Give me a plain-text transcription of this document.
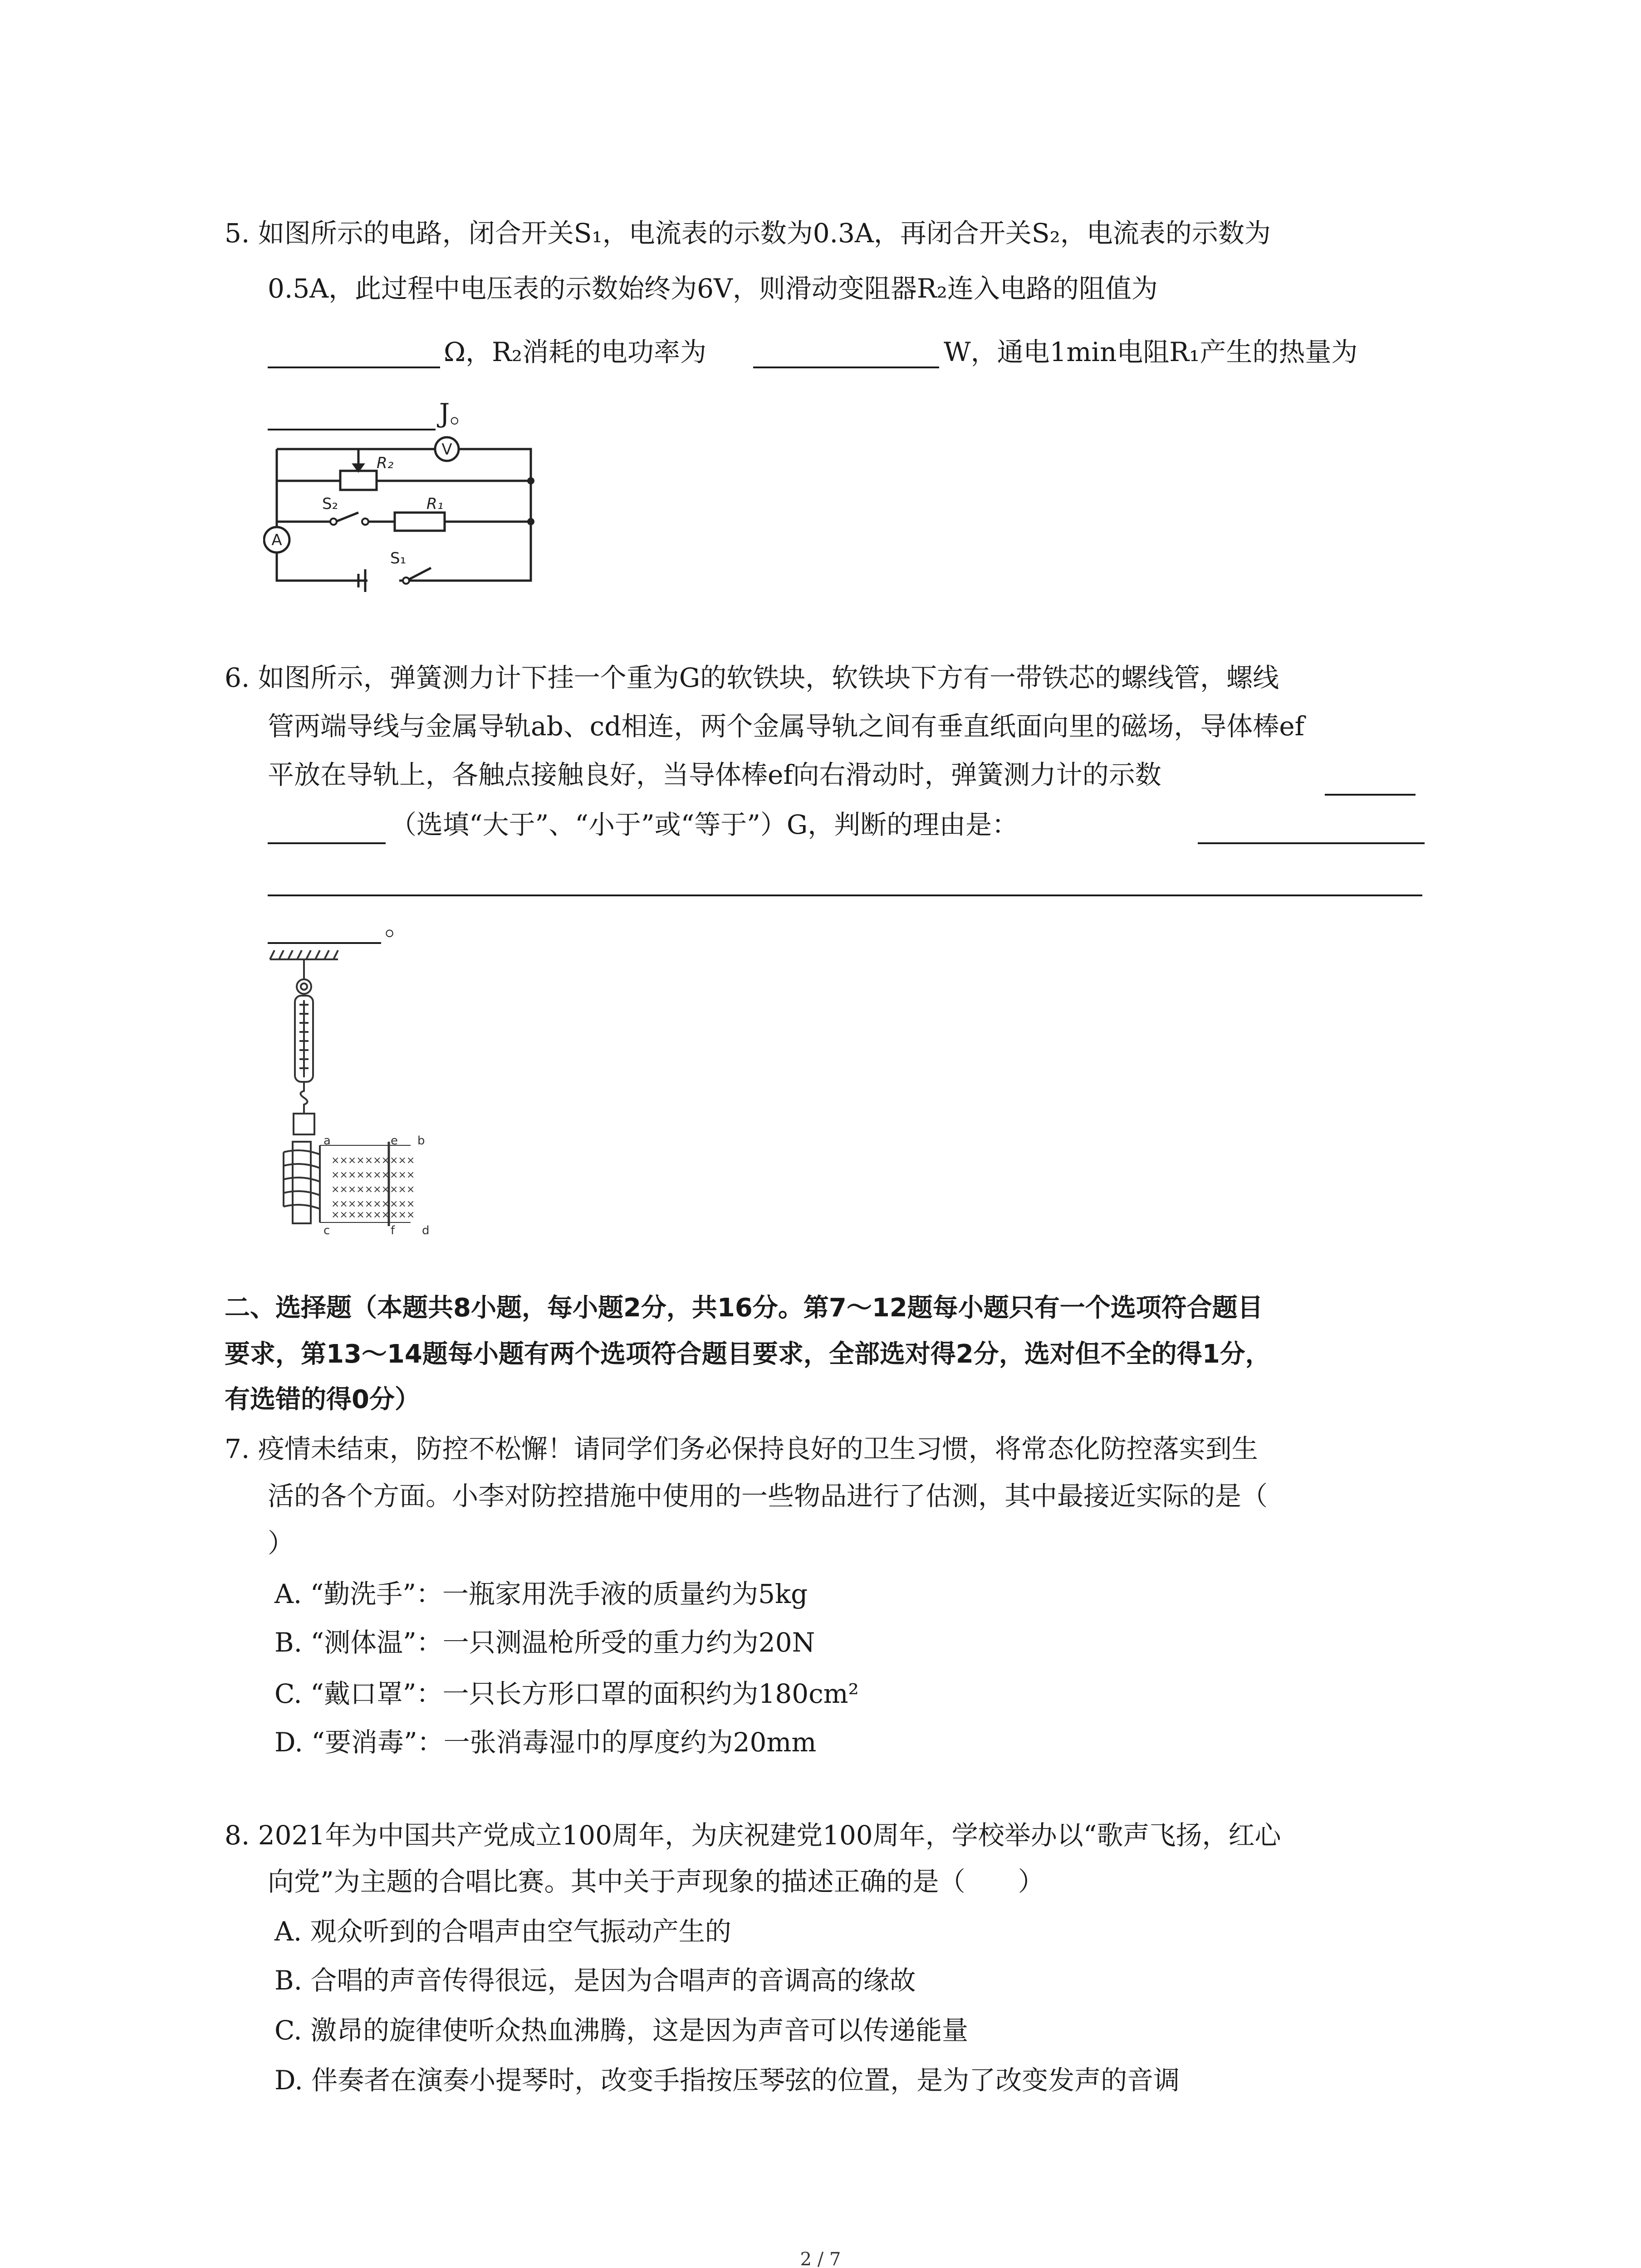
5. 如图所示的电路，闭合开关S₁，电流表的示数为0.3A，再闭合开关S₂，电流表的示数为
0.5A，此过程中电压表的示数始终为6V，则滑动变阻器R₂连入电路的阻值为
Ω，R₂消耗的电功率为	W，通电1min电阻R₁产生的热量为
J。
V
A
R₂
R₁
S₂
S₁
6. 如图所示，弹簧测力计下挂一个重为G的软铁块，软铁块下方有一带铁芯的螺线管，螺线
管两端导线与金属导轨ab、cd相连，两个金属导轨之间有垂直纸面向里的磁场，导体棒ef
平放在导轨上，各触点接触良好，当导体棒ef向右滑动时，弹簧测力计的示数
（选填“大于”、“小于”或“等于”）G，判断的理由是：
。
a	e b
c	f d
××××××××××
××××××××××
××××××××××
××××××××××
××××××××××
二、选择题（本题共8小题，每小题2分，共16分。第7～12题每小题只有一个选项符合题目
要求，第13～14题每小题有两个选项符合题目要求，全部选对得2分，选对但不全的得1分，
有选错的得0分）
7. 疫情未结束，防控不松懈！请同学们务必保持良好的卫生习惯，将常态化防控落实到生
活的各个方面。小李对防控措施中使用的一些物品进行了估测，其中最接近实际的是（
）
A. “勤洗手”：一瓶家用洗手液的质量约为5kg
B. “测体温”：一只测温枪所受的重力约为20N
C. “戴口罩”：一只长方形口罩的面积约为180cm²
D. “要消毒”：一张消毒湿巾的厚度约为20mm
8. 2021年为中国共产党成立100周年，为庆祝建党100周年，学校举办以“歌声飞扬，红心
向党”为主题的合唱比赛。其中关于声现象的描述正确的是（　　）
A. 观众听到的合唱声由空气振动产生的
B. 合唱的声音传得很远，是因为合唱声的音调高的缘故
C. 激昂的旋律使听众热血沸腾，这是因为声音可以传递能量
D. 伴奏者在演奏小提琴时，改变手指按压琴弦的位置，是为了改变发声的音调
2 / 7
